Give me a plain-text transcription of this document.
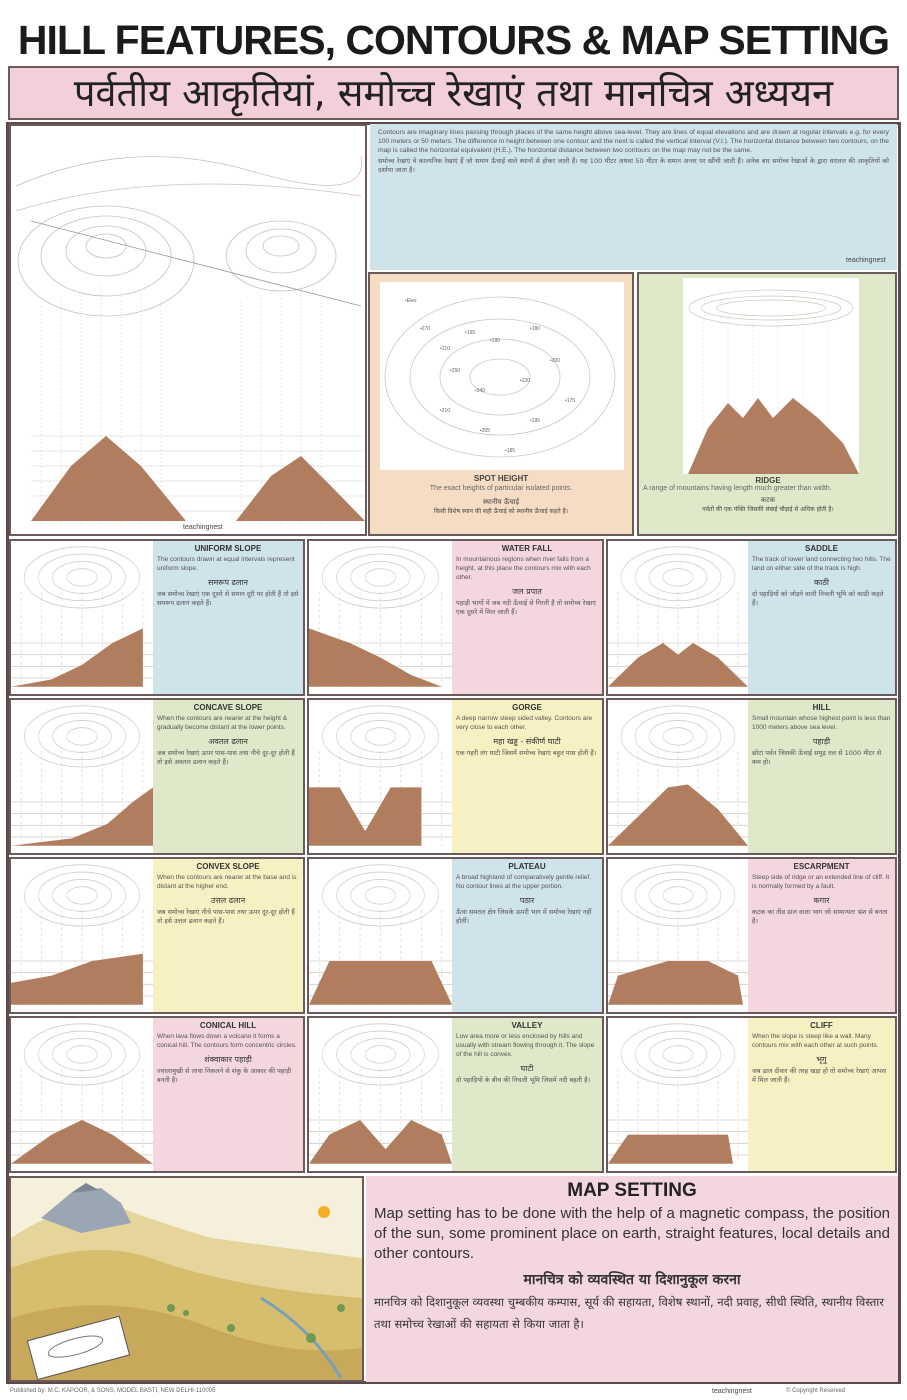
HILL FEATURES, CONTOURS & MAP SETTING
पर्वतीय आकृतियां, समोच्च रेखाएं तथा मानचित्र अध्ययन
teachingnest
Contours are imaginary lines passing through places of the same height above sea-level. They are lines of equal elevations and are drawn at regular intervals e.g. for every 100 meters or 50 meters. The difference in height between one contour and the next is called the vertical interval (V.I.). The horizontal distance between two contours, on the map is called the horizontal equivalent (H.E.). The horizontal distance between two contours on the map may not be the same.
समोच्च रेखाएं वे काल्पनिक रेखाएं हैं जो समान ऊँचाई वाले स्थानों से होकर जाती हैं। यह 100 मीटर अथवा 50 मीटर के समान अन्तर पर खींची जाती हैं। अनेक बार समोच्च रेखाओं के द्वारा धरातल की आकृतियों को दर्शाया जाता है।
teachingnest
•270
•210
•195
•190
•180
•250
•240
•220
•200
•175
•210
•205
•195
•185
•Elev
SPOT HEIGHT
The exact heights of particular isolated points.
स्थानीय ऊँचाई
किसी विशेष स्थान की सही ऊँचाई को स्थानीय ऊँचाई कहते हैं।
RIDGE
A range of mountains having length much greater than width.
कटक
पर्वतों की एक पंक्ति जिसकी लंबाई चौड़ाई से अधिक होती है।
UNIFORM SLOPE
The contours drawn at equal intervals represent uniform slope.
समरूप ढलान
जब समोच्च रेखाएं एक दूसरे से समान दूरी पर होती हैं तो इसे समरूप ढलान कहते हैं।
WATER FALL
In mountainous regions when river falls from a height, at this place the contours mix with each other.
जल प्रपात
पहाड़ी भागों में जब नदी ऊँचाई से गिरती है तो समोच्च रेखाएं एक दूसरे में मिल जाती हैं।
SADDLE
The track of lower land connecting two hills. The land on either side of the track is high.
काठी
दो पहाड़ियों को जोड़ने वाली निचली भूमि को काठी कहते हैं।
CONCAVE SLOPE
When the contours are nearer at the height & gradually become distant at the lower points.
अवतल ढलान
जब समोच्च रेखाएं ऊपर पास-पास तथा नीचे दूर-दूर होती हैं तो इसे अवतल ढलान कहते हैं।
GORGE
A deep narrow steep sided valley. Contours are very close to each other.
महा खड्ड - संकीर्ण घाटी
एक गहरी तंग घाटी जिसमें समोच्च रेखाएं बहुत पास होती हैं।
HILL
Small mountain whose highest point is less than 1000 meters above sea level.
पहाड़ी
छोटा पर्वत जिसकी ऊँचाई समुद्र तल से 1000 मीटर से कम हो।
CONVEX SLOPE
When the contours are nearer at the base and is distant at the higher end.
उत्तल ढलान
जब समोच्च रेखाएं नीचे पास-पास तथा ऊपर दूर-दूर होती हैं तो इसे उत्तल ढलान कहते हैं।
PLATEAU
A broad highland of comparatively gentle relief. No contour lines at the upper portion.
पठार
ऊँचा समतल क्षेत्र जिसके ऊपरी भाग में समोच्च रेखाएं नहीं होतीं।
ESCARPMENT
Steep side of ridge or an extended line of cliff. It is normally formed by a fault.
कगार
कटक का तीव्र ढाल वाला भाग जो सामान्यतः भ्रंश से बनता है।
CONICAL HILL
When lava flows down a volcano it forms a conical hill. The contours form concentric circles.
शंक्वाकार पहाड़ी
ज्वालामुखी से लावा निकलने से शंकु के आकार की पहाड़ी बनती है।
VALLEY
Low area more or less enclosed by hills and usually with stream flowing through it. The slope of the hill is convex.
घाटी
दो पहाड़ियों के बीच की निचली भूमि जिसमें नदी बहती है।
CLIFF
When the slope is steep like a wall. Many contours mix with each other at such points.
भृगु
जब ढाल दीवार की तरह खड़ा हो तो समोच्च रेखाएं आपस में मिल जाती हैं।
MAP SETTING
Map setting has to be done with the help of a magnetic compass, the position of the sun, some prominent place on earth, straight features, local details and other contours.
मानचित्र को व्यवस्थित या दिशानुकूल करना
मानचित्र को दिशानुकूल व्यवस्था चुम्बकीय कम्पास, सूर्य की सहायता, विशेष स्थानों, नदी प्रवाह, सीधी स्थिति, स्थानीय विस्तार तथा समोच्च रेखाओं की सहायता से किया जाता है।
Published by: M.C. KAPOOR, & SONS, MODEL BASTI, NEW DELHI-110005	teachingnest	© Copyright Reserved
